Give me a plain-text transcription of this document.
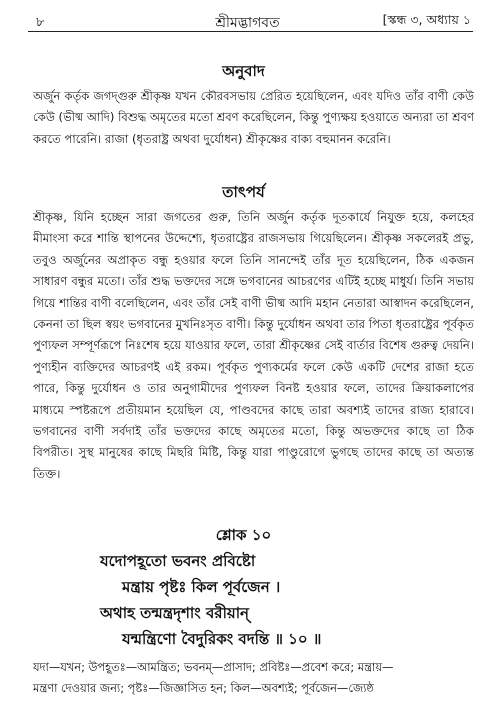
৮	শ্রীমদ্ভাগবত	[স্কন্ধ ৩, অধ্যায় ১
অনুবাদ

অর্জুন কর্তৃক জগদ্গুরু শ্রীকৃষ্ণ যখন কৌরবসভায় প্রেরিত হয়েছিলেন, এবং যদিও তাঁর বাণী কেউ কেউ (ভীষ্ম আদি) বিশুদ্ধ অমৃতের মতো শ্রবণ করেছিলেন, কিন্তু পুণ্যক্ষয় হওয়াতে অন্যরা তা শ্রবণ করতে পারেনি। রাজা (ধৃতরাষ্ট্র অথবা দুর্যোধন) শ্রীকৃষ্ণের বাক্য বহুমানন করেনি।

তাৎপর্য

শ্রীকৃষ্ণ, যিনি হচ্ছেন সারা জগতের গুরু, তিনি অর্জুন কর্তৃক দূতকার্যে নিযুক্ত হয়ে, কলহের মীমাংসা করে শান্তি স্থাপনের উদ্দেশ্যে, ধৃতরাষ্ট্রের রাজসভায় গিয়েছিলেন। শ্রীকৃষ্ণ সকলেরই প্রভু, তবুও অর্জুনের অপ্রাকৃত বন্ধু হওয়ার ফলে তিনি সানন্দেই তাঁর দূত হয়েছিলেন, ঠিক একজন সাধারণ বন্ধুর মতো। তাঁর শুদ্ধ ভক্তদের সঙ্গে ভগবানের আচরণের এটিই হচ্ছে মাধুর্য। তিনি সভায় গিয়ে শান্তির বাণী বলেছিলেন, এবং তাঁর সেই বাণী ভীষ্ম আদি মহান নেতারা আস্বাদন করেছিলেন, কেননা তা ছিল স্বয়ং ভগবানের মুখনিঃসৃত বাণী। কিন্তু দুর্যোধন অথবা তার পিতা ধৃতরাষ্ট্রের পূর্বকৃত পুণ্যফল সম্পূর্ণরূপে নিঃশেষ হয়ে যাওয়ার ফলে, তারা শ্রীকৃষ্ণের সেই বার্তার বিশেষ গুরুত্ব দেয়নি। পুণ্যহীন ব্যক্তিদের আচরণই এই রকম। পূর্বকৃত পুণ্যকর্মের ফলে কেউ একটি দেশের রাজা হতে পারে, কিন্তু দুর্যোধন ও তার অনুগামীদের পুণ্যফল বিনষ্ট হওয়ার ফলে, তাদের ক্রিয়াকলাপের মাধ্যমে স্পষ্টরূপে প্রতীয়মান হয়েছিল যে, পাণ্ডবদের কাছে তারা অবশ্যই তাদের রাজ্য হারাবে। ভগবানের বাণী সর্বদাই তাঁর ভক্তদের কাছে অমৃতের মতো, কিন্তু অভক্তদের কাছে তা ঠিক বিপরীত। সুস্থ মানুষের কাছে মিছরি মিষ্টি, কিন্তু যারা পাণ্ডুরোগে ভুগছে তাদের কাছে তা অত্যন্ত তিক্ত।

শ্লোক ১০
যদোপহূতো ভবনং প্রবিষ্টো
মন্ত্রায় পৃষ্টঃ কিল পূর্বজেন ।
অথাহ তন্মন্ত্রদৃশাং বরীয়ান্
যন্মন্ত্রিণো বৈদুরিকং বদন্তি ॥ ১০ ॥
যদা—যখন; উপহূতঃ—আমন্ত্রিত; ভবনম্—প্রাসাদ; প্রবিষ্টঃ—প্রবেশ করে; মন্ত্রায়—
মন্ত্রণা দেওয়ার জন্য; পৃষ্টঃ—জিজ্ঞাসিত হন; কিল—অবশ্যই; পূর্বজেন—জ্যেষ্ঠ
